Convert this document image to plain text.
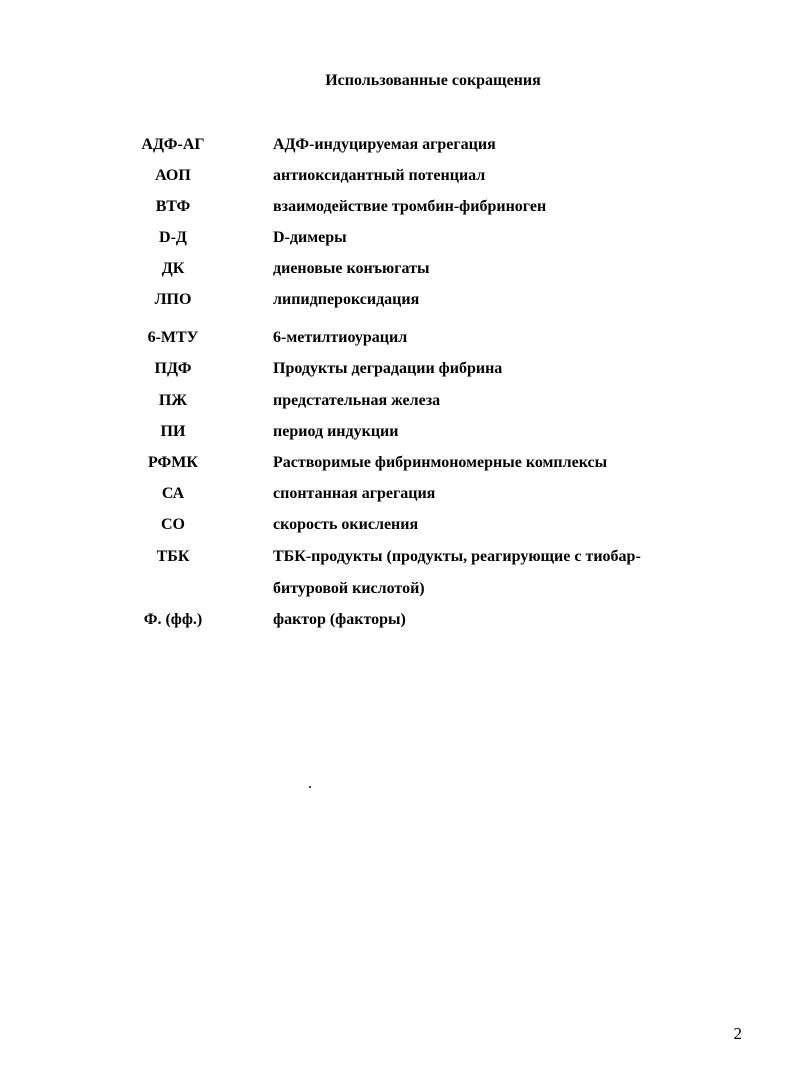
Использованные сокращения
АДФ-АГ	АДФ-индуцируемая агрегация
АОП	антиоксидантный потенциал
ВТФ	взаимодействие тромбин-фибриноген
D-Д	D-димеры
ДК	диеновые конъюгаты
ЛПО	липидпероксидация
6-МТУ	6-метилтиоурацил
ПДФ	Продукты деградации фибрина
ПЖ	предстательная железа
ПИ	период индукции
РФМК	Растворимые фибринмономерные комплексы
СА	спонтанная агрегация
СО	скорость окисления
ТБК	ТБК-продукты (продукты, реагирующие с тиобар-
битуровой кислотой)
Ф. (фф.)	фактор (факторы)
2
